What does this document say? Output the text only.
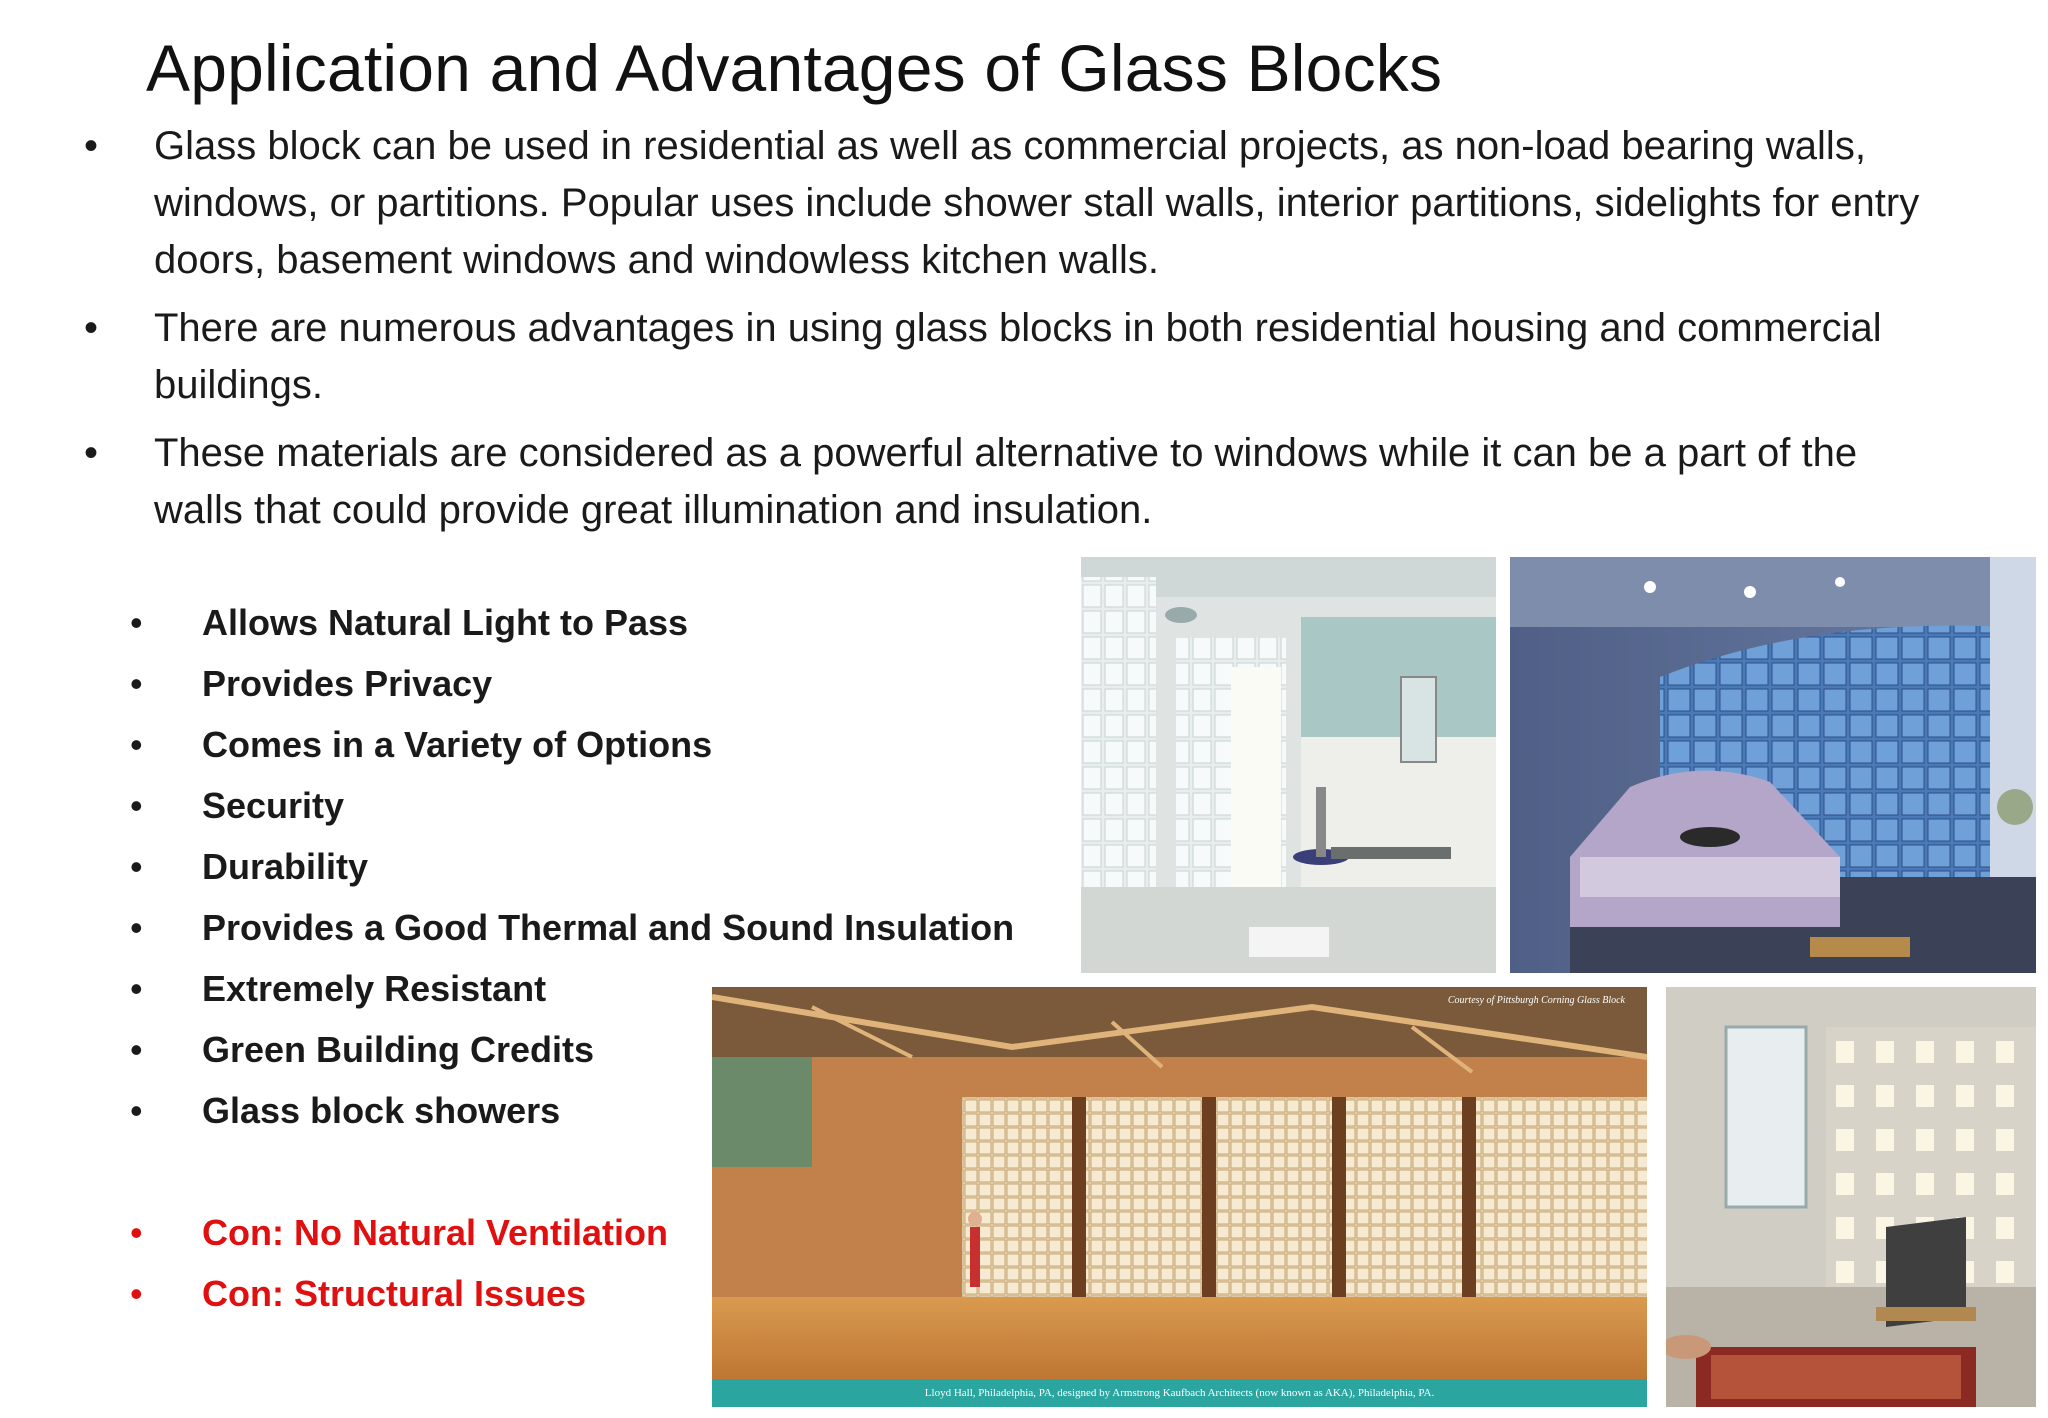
Application and Advantages of Glass Blocks
• Glass block can be used in residential as well as commercial projects, as non-load bearing walls, windows, or partitions. Popular uses include shower stall walls, interior partitions, sidelights for entry doors, basement windows and windowless kitchen walls.
• There are numerous advantages in using glass blocks in both residential housing and commercial buildings.
• These materials are considered as a powerful alternative to windows while it can be a part of the walls that could provide great illumination and insulation.
• Allows Natural Light to Pass
• Provides Privacy
• Comes in a Variety of Options
• Security
• Durability
• Provides a Good Thermal and Sound Insulation
• Extremely Resistant
• Green Building Credits
• Glass block showers
• Con: No Natural Ventilation
• Con: Structural Issues
Courtesy of Pittsburgh Corning Glass Block
Lloyd Hall, Philadelphia, PA, designed by Armstrong Kaufbach Architects (now known as AKA), Philadelphia, PA.
